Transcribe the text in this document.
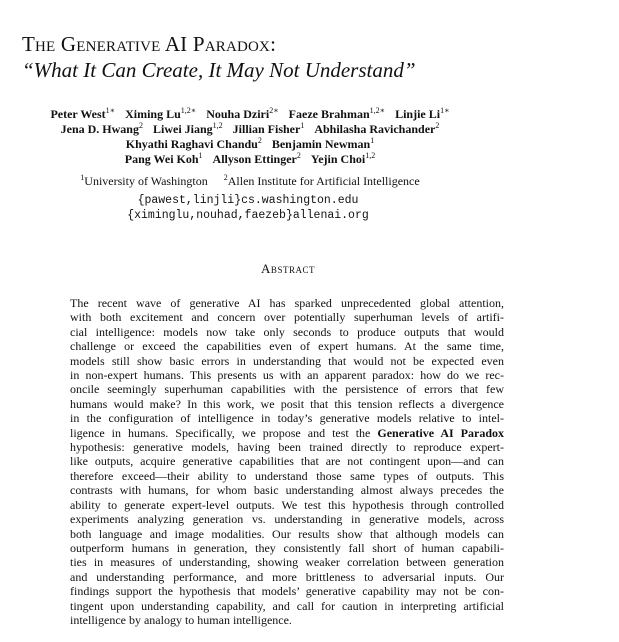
The Generative AI Paradox:
“What It Can Create, It May Not Understand”
Peter West$^{1∗}$ Ximing $Lu^{1,2∗}$ Nouha Dziri$^{2∗}$ Faeze Brahman$^{1,2∗}$ Linjie $Li^{1∗}$
Jena D. Hwang$^2$ Liwei Jiang$^{1,2}$ Jillian Fisher$^1$ Abhilasha Ravichander$^2$
Khyathi Raghavi Chandu$^2$ Benjamin Newman$^1$
Pang Wei Koh$^1$ Allyson Ettinger$^2$ Yejin Choi$^{1,2}$
$^1$University of Washington $^2$Allen Institute for Artificial Intelligence
{pawest,linjli}cs.washington.edu
{ximinglu,nouhad,faezeb}allenai.org
Abstract
The recent wave of generative AI has sparked unprecedented global attention,
with both excitement and concern over potentially superhuman levels of artifi-
cial intelligence: models now take only seconds to produce outputs that would
challenge or exceed the capabilities even of expert humans. At the same time,
models still show basic errors in understanding that would not be expected even
in non-expert humans. This presents us with an apparent paradox: how do we rec-
oncile seemingly superhuman capabilities with the persistence of errors that few
humans would make? In this work, we posit that this tension reflects a divergence
in the configuration of intelligence in today’s generative models relative to intel-
ligence in humans. Specifically, we propose and test the Generative AI Paradox
hypothesis: generative models, having been trained directly to reproduce expert-
like outputs, acquire generative capabilities that are not contingent upon—and can
therefore exceed—their ability to understand those same types of outputs. This
contrasts with humans, for whom basic understanding almost always precedes the
ability to generate expert-level outputs. We test this hypothesis through controlled
experiments analyzing generation vs. understanding in generative models, across
both language and image modalities. Our results show that although models can
outperform humans in generation, they consistently fall short of human capabili-
ties in measures of understanding, showing weaker correlation between generation
and understanding performance, and more brittleness to adversarial inputs. Our
findings support the hypothesis that models’ generative capability may not be con-
tingent upon understanding capability, and call for caution in interpreting artificial
intelligence by analogy to human intelligence.
